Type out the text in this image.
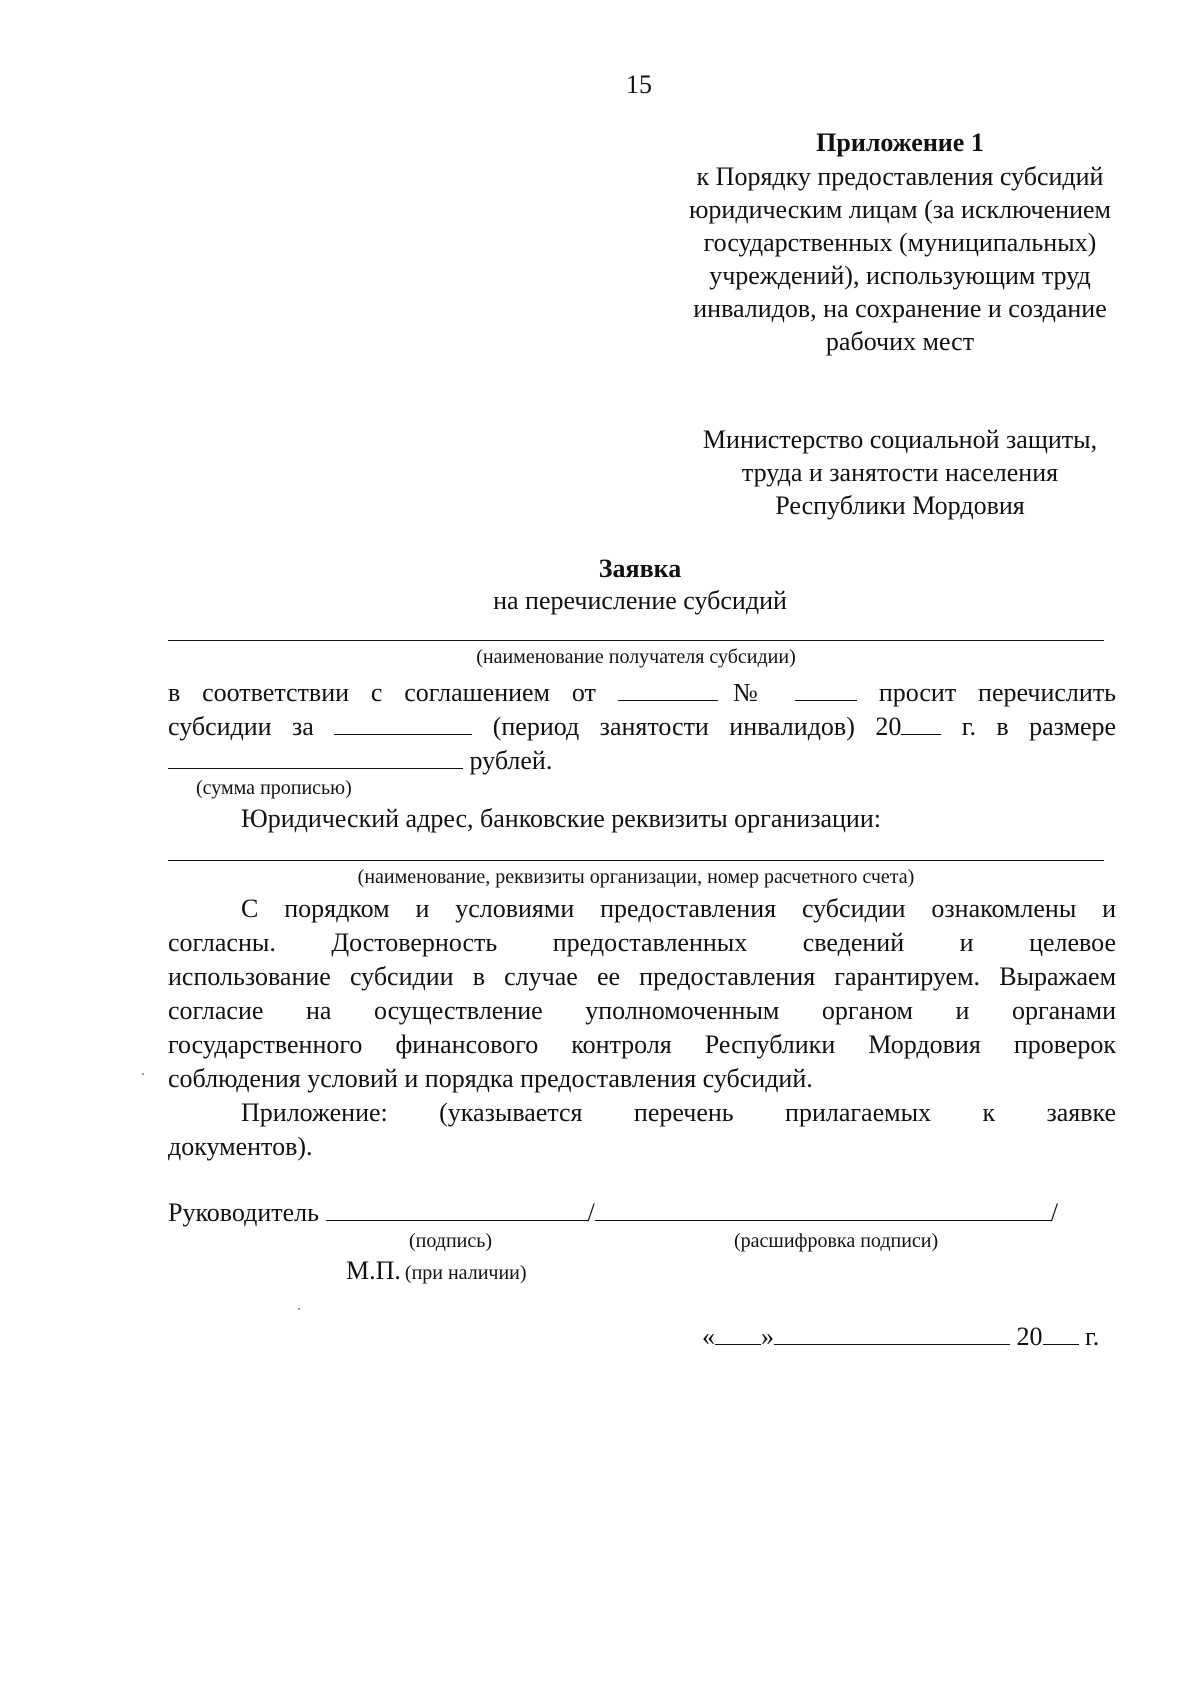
15
Приложение 1
к Порядку предоставления субсидий
юридическим лицам (за исключением
государственных (муниципальных)
учреждений), использующим труд
инвалидов, на сохранение и создание
рабочих мест
Министерство социальной защиты,
труда и занятости населения
Республики Мордовия
Заявка
на перечисление субсидий
(наименование получателя субсидии)
в соответствии с соглашением от	№	просит перечислить
субсидии за	(период занятости инвалидов) 20 г. в размере
рублей.
(сумма прописью)
Юридический адрес, банковские реквизиты организации:
(наименование, реквизиты организации, номер расчетного счета)
С порядком и условиями предоставления субсидии ознакомлены и
согласны. Достоверность предоставленных сведений и целевое
использование субсидии в случае ее предоставления гарантируем. Выражаем
согласие на осуществление уполномоченным органом и органами
государственного финансового контроля Республики Мордовия проверок
соблюдения условий и порядка предоставления субсидий.
Приложение: (указывается перечень прилагаемых к заявке
документов).
Руководитель	/	/
(подпись)	(расшифровка подписи)
М.П. (при наличии)
« »	20 г.
